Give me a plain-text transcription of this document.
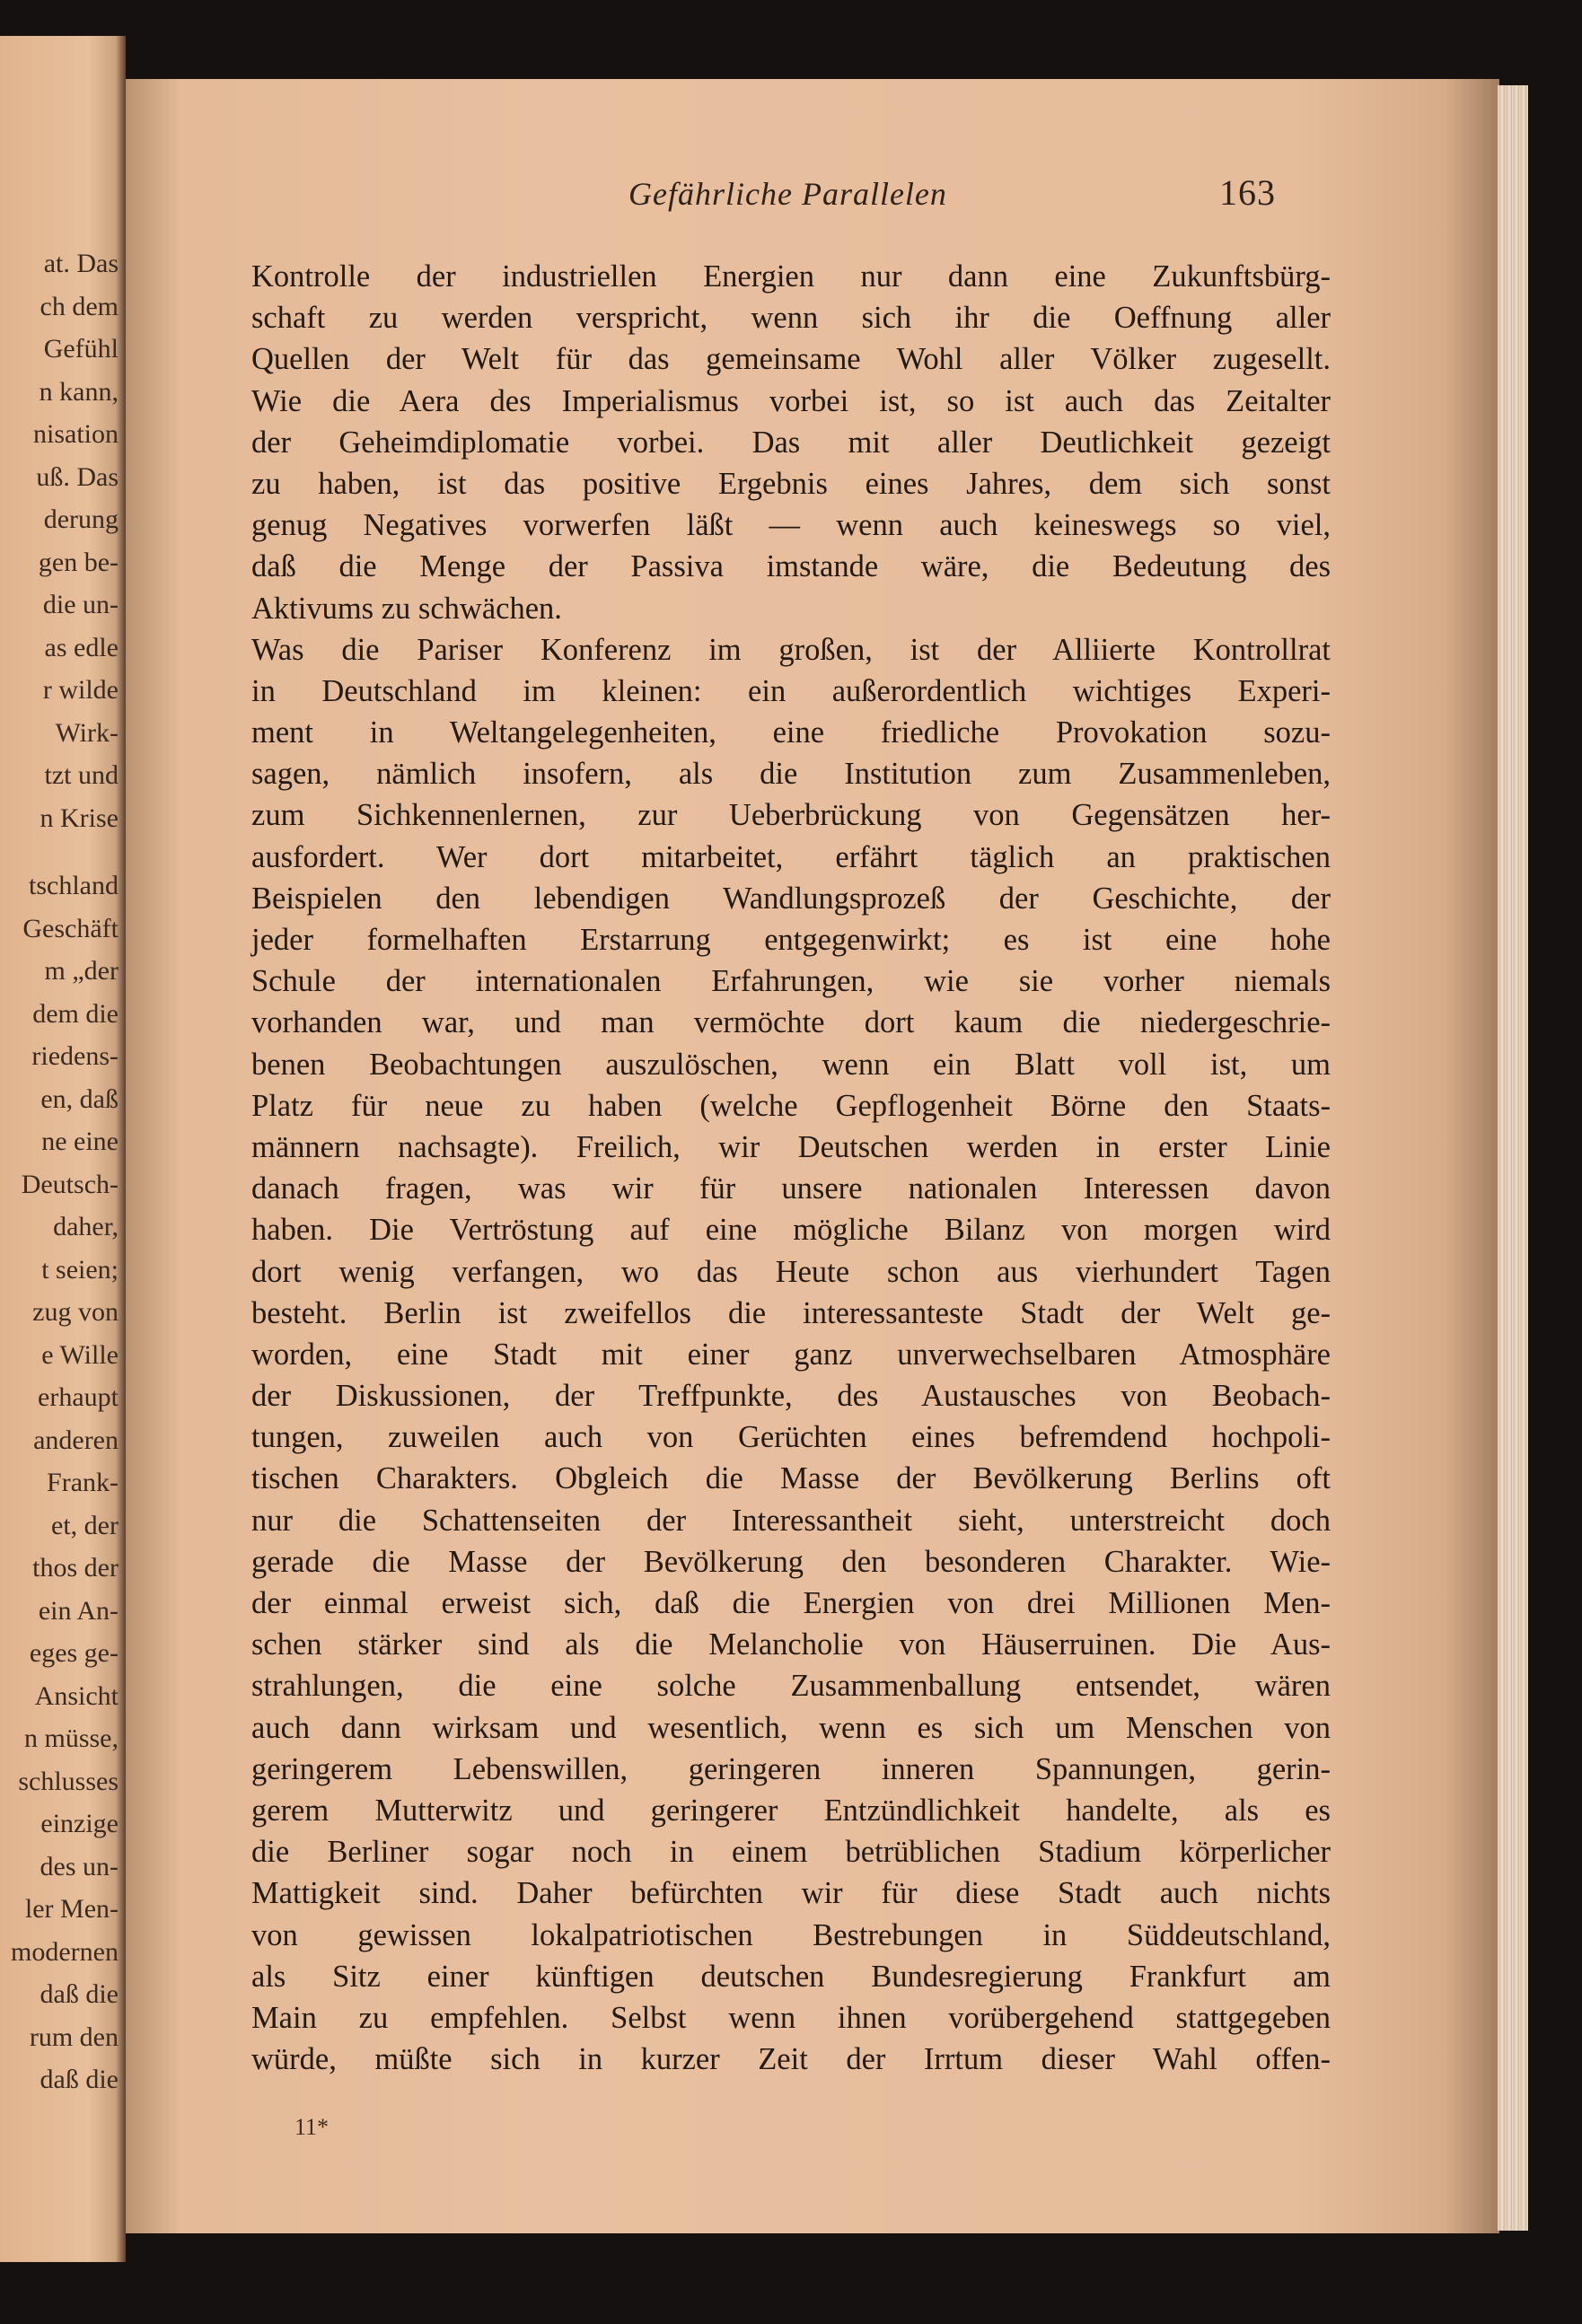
at. Das
ch dem
Gefühl
n kann,
nisation
uß. Das
derung
gen be-
die un-
as edle
r wilde
Wirk-
tzt und
n Krise
tschland
Geschäft
m „der
dem die
riedens-
en, daß
ne eine
Deutsch-
daher,
t seien;
zug von
e Wille
erhaupt
anderen
Frank-
et, der
thos der
ein An-
eges ge-
Ansicht
n müsse,
schlusses
einzige
des un-
ler Men-
modernen
daß die
rum den
daß die
Gefährliche Parallelen	163
Kontrolle der industriellen Energien nur dann eine Zukunftsbürg-
schaft zu werden verspricht, wenn sich ihr die Oeffnung aller
Quellen der Welt für das gemeinsame Wohl aller Völker zugesellt.
Wie die Aera des Imperialismus vorbei ist, so ist auch das Zeitalter
der Geheimdiplomatie vorbei. Das mit aller Deutlichkeit gezeigt
zu haben, ist das positive Ergebnis eines Jahres, dem sich sonst
genug Negatives vorwerfen läßt — wenn auch keineswegs so viel,
daß die Menge der Passiva imstande wäre, die Bedeutung des
Aktivums zu schwächen.
Was die Pariser Konferenz im großen, ist der Alliierte Kontrollrat
in Deutschland im kleinen: ein außerordentlich wichtiges Experi-
ment in Weltangelegenheiten, eine friedliche Provokation sozu-
sagen, nämlich insofern, als die Institution zum Zusammenleben,
zum Sichkennenlernen, zur Ueberbrückung von Gegensätzen her-
ausfordert. Wer dort mitarbeitet, erfährt täglich an praktischen
Beispielen den lebendigen Wandlungsprozeß der Geschichte, der
jeder formelhaften Erstarrung entgegenwirkt; es ist eine hohe
Schule der internationalen Erfahrungen, wie sie vorher niemals
vorhanden war, und man vermöchte dort kaum die niedergeschrie-
benen Beobachtungen auszulöschen, wenn ein Blatt voll ist, um
Platz für neue zu haben (welche Gepflogenheit Börne den Staats-
männern nachsagte). Freilich, wir Deutschen werden in erster Linie
danach fragen, was wir für unsere nationalen Interessen davon
haben. Die Vertröstung auf eine mögliche Bilanz von morgen wird
dort wenig verfangen, wo das Heute schon aus vierhundert Tagen
besteht. Berlin ist zweifellos die interessanteste Stadt der Welt ge-
worden, eine Stadt mit einer ganz unverwechselbaren Atmosphäre
der Diskussionen, der Treffpunkte, des Austausches von Beobach-
tungen, zuweilen auch von Gerüchten eines befremdend hochpoli-
tischen Charakters. Obgleich die Masse der Bevölkerung Berlins oft
nur die Schattenseiten der Interessantheit sieht, unterstreicht doch
gerade die Masse der Bevölkerung den besonderen Charakter. Wie-
der einmal erweist sich, daß die Energien von drei Millionen Men-
schen stärker sind als die Melancholie von Häuserruinen. Die Aus-
strahlungen, die eine solche Zusammenballung entsendet, wären
auch dann wirksam und wesentlich, wenn es sich um Menschen von
geringerem Lebenswillen, geringeren inneren Spannungen, gerin-
gerem Mutterwitz und geringerer Entzündlichkeit handelte, als es
die Berliner sogar noch in einem betrüblichen Stadium körperlicher
Mattigkeit sind. Daher befürchten wir für diese Stadt auch nichts
von gewissen lokalpatriotischen Bestrebungen in Süddeutschland,
als Sitz einer künftigen deutschen Bundesregierung Frankfurt am
Main zu empfehlen. Selbst wenn ihnen vorübergehend stattgegeben
würde, müßte sich in kurzer Zeit der Irrtum dieser Wahl offen-
11*
